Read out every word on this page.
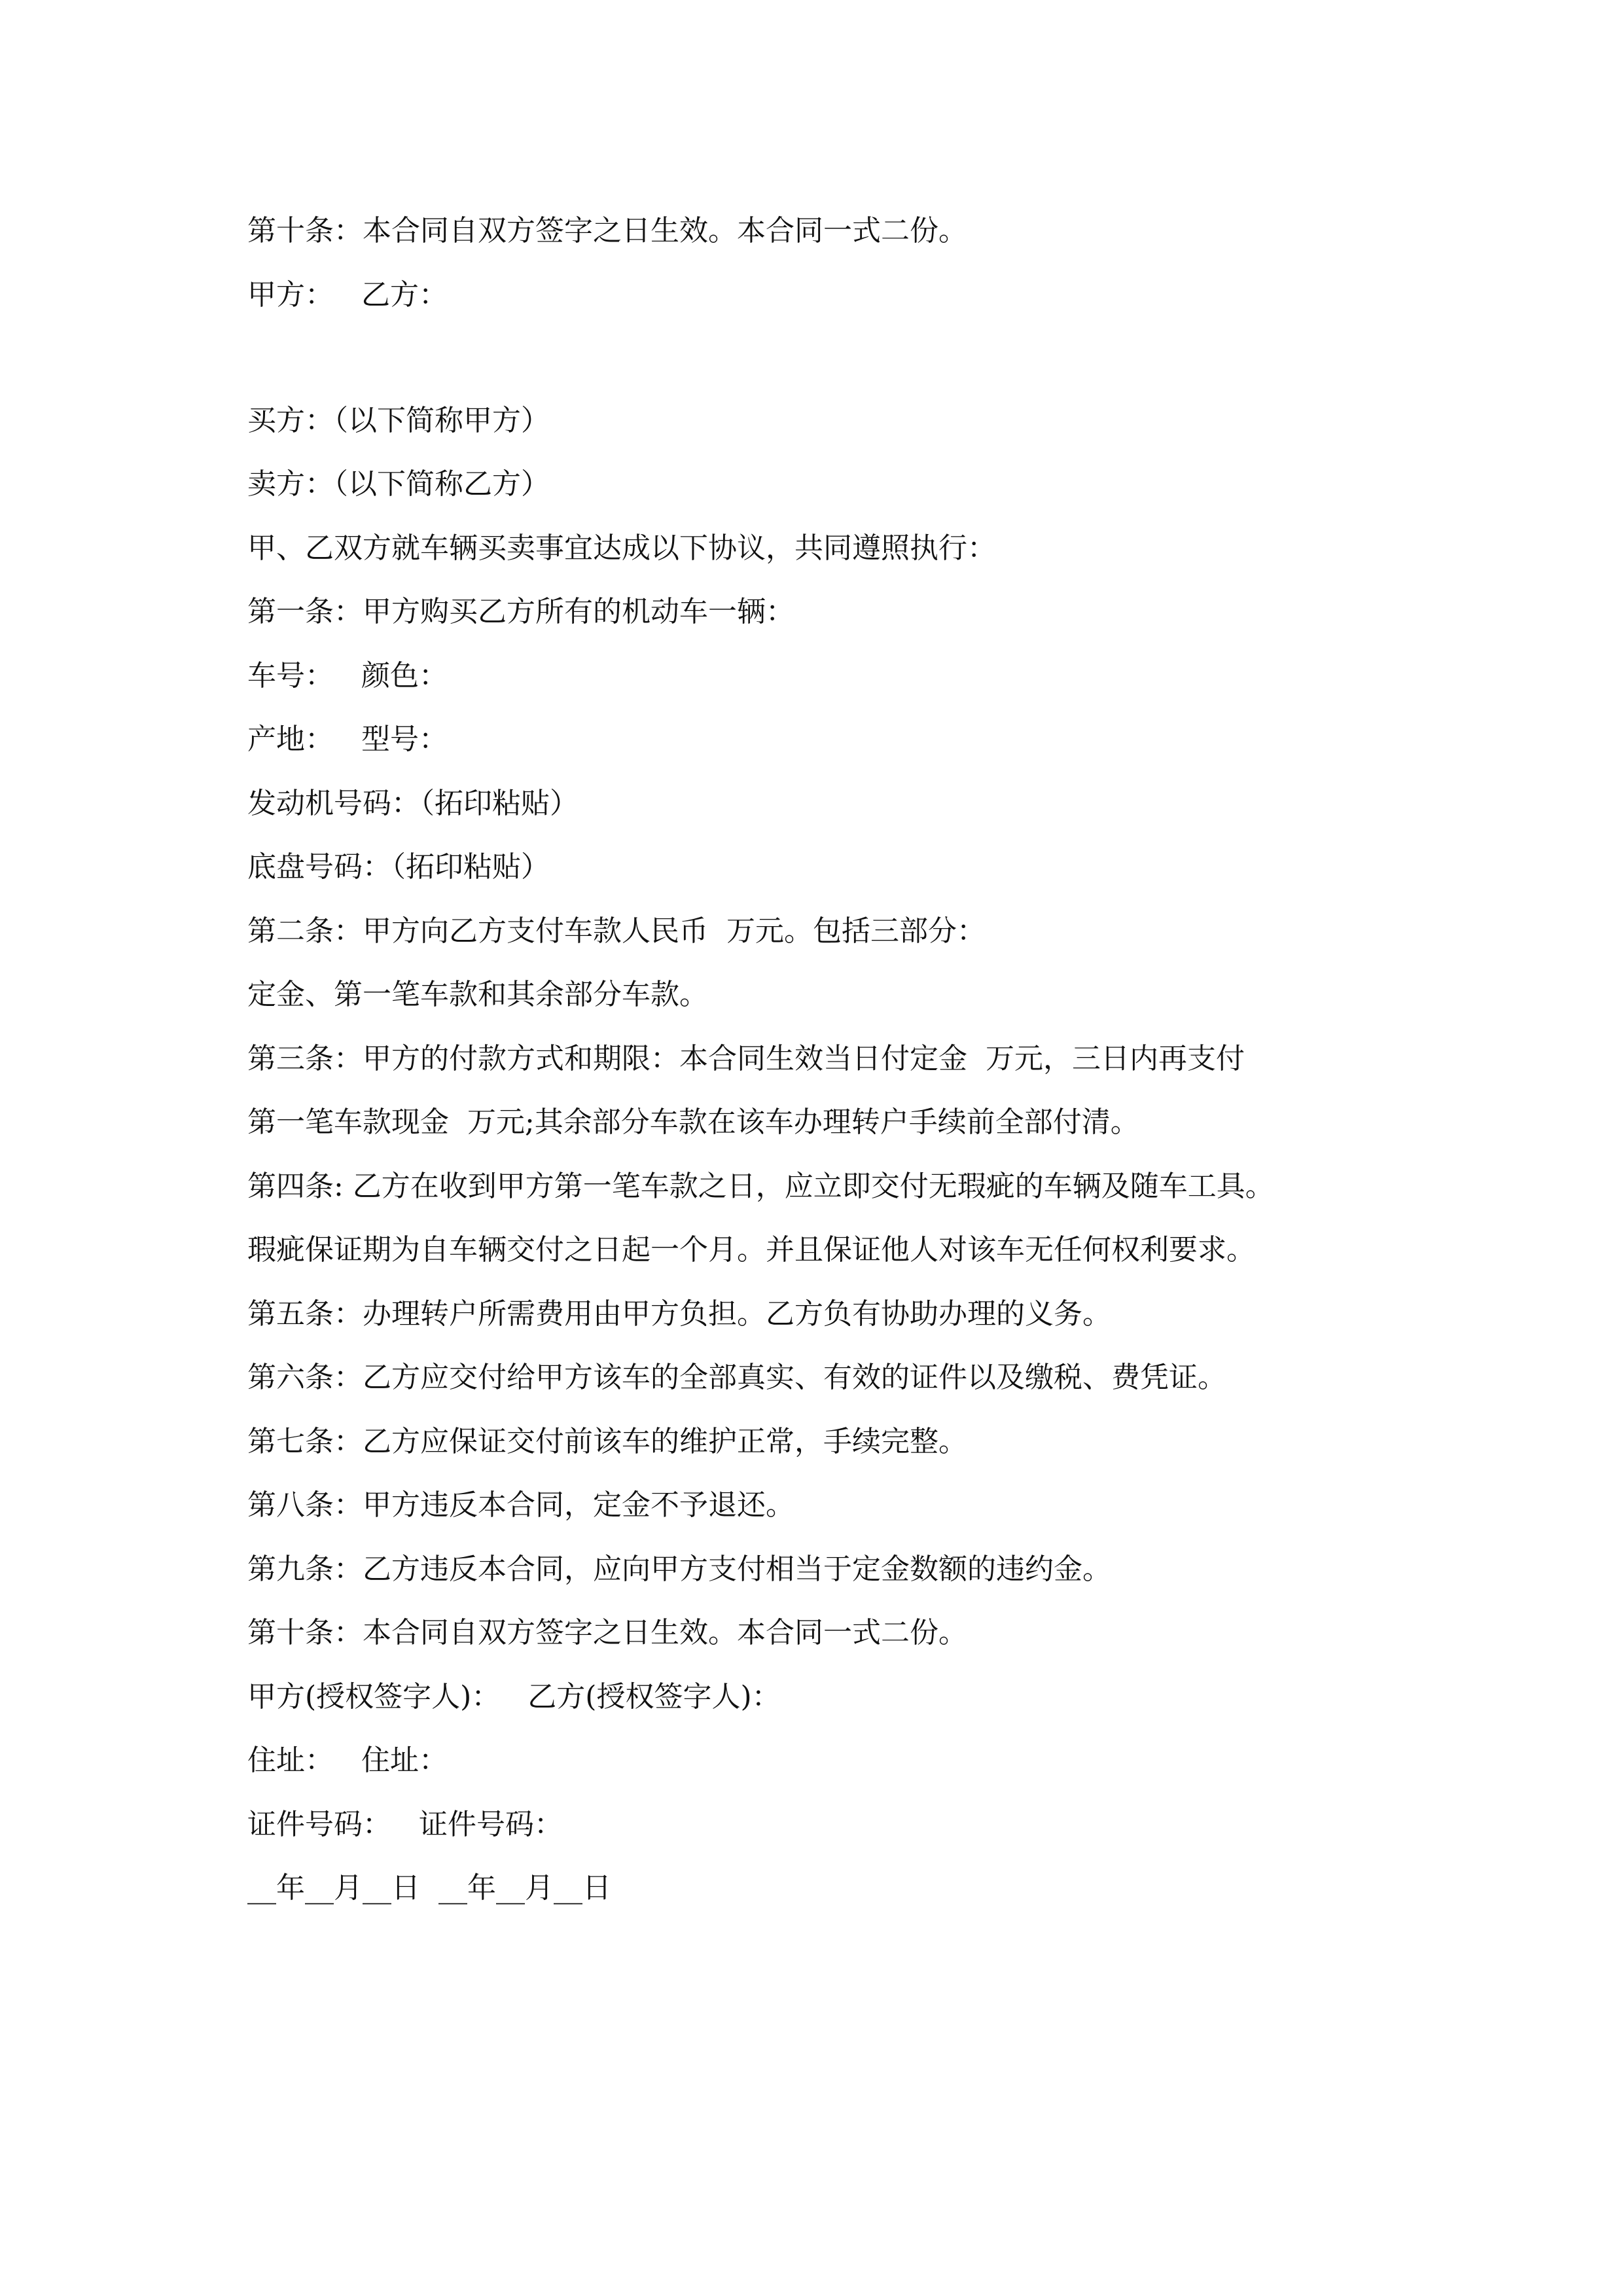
第十条：本合同自双方签字之日生效。本合同一式二份。
甲方：   乙方：
买方：（以下简称甲方）
卖方：（以下简称乙方）
甲、乙双方就车辆买卖事宜达成以下协议，共同遵照执行：
第一条：甲方购买乙方所有的机动车一辆：
车号：   颜色：
产地：   型号：
发动机号码：（拓印粘贴）
底盘号码：（拓印粘贴）
第二条：甲方向乙方支付车款人民币  万元。包括三部分：
定金、第一笔车款和其余部分车款。
第三条：甲方的付款方式和期限：本合同生效当日付定金  万元，三日内再支付
第一笔车款现金  万元;其余部分车款在该车办理转户手续前全部付清。
第四条: 乙方在收到甲方第一笔车款之日，应立即交付无瑕疵的车辆及随车工具。
瑕疵保证期为自车辆交付之日起一个月。并且保证他人对该车无任何权利要求。
第五条：办理转户所需费用由甲方负担。乙方负有协助办理的义务。
第六条：乙方应交付给甲方该车的全部真实、有效的证件以及缴税、费凭证。
第七条：乙方应保证交付前该车的维护正常，手续完整。
第八条：甲方违反本合同，定金不予退还。
第九条：乙方违反本合同，应向甲方支付相当于定金数额的违约金。
第十条：本合同自双方签字之日生效。本合同一式二份。
甲方(授权签字人)：   乙方(授权签字人)：
住址：   住址：
证件号码：   证件号码：
__年__月__日  __年__月__日
